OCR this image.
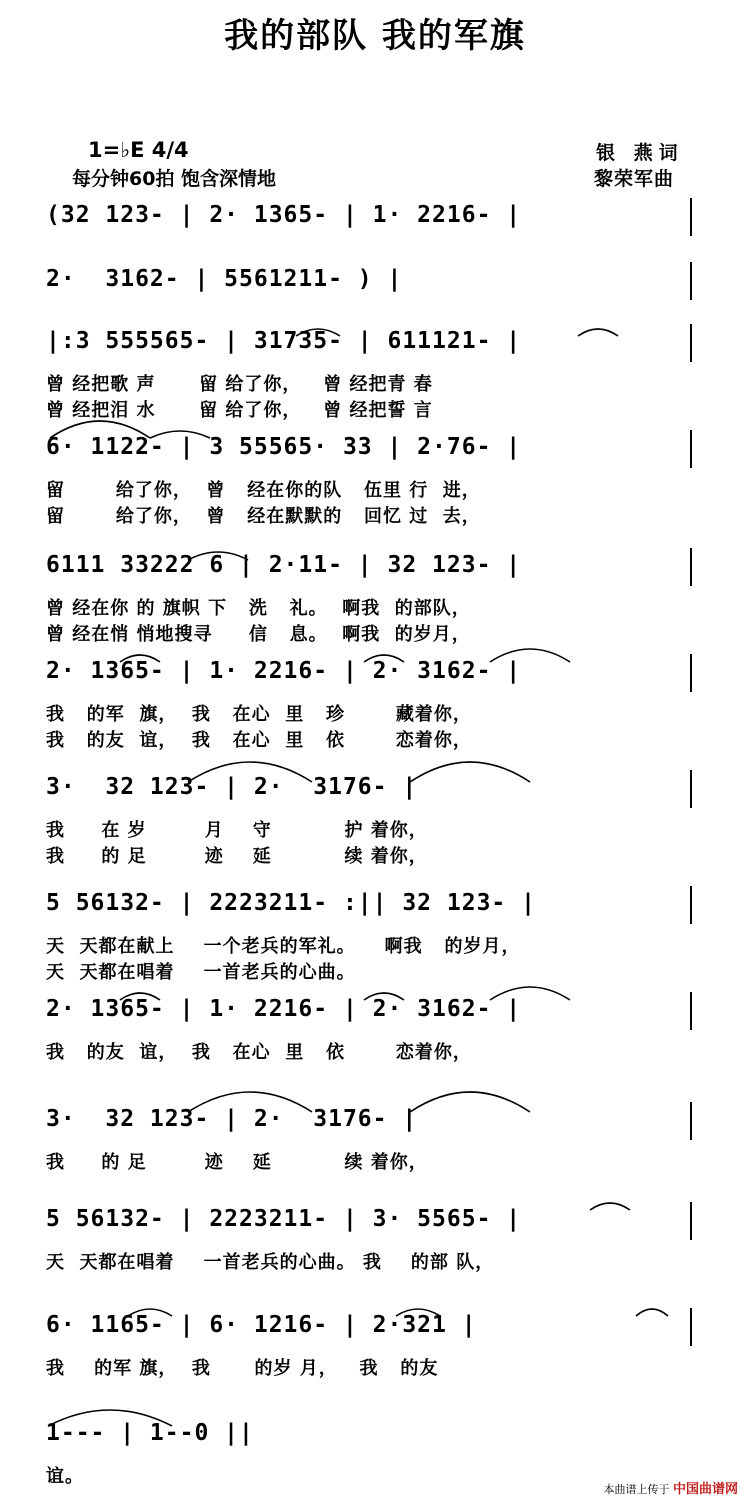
我的部队 我的军旗
1=♭E 4/4
每分钟60拍 饱含深情地
银 燕词
黎荣军曲
(32 123- | 2· 1365- | 1· 2216- |
2·  3162- | 5561211- ) |
|:3 555565- | 31735- | 611121- |
曾 经把歌 声      留 给了你，   曾 经把青 春
曾 经把泪 水      留 给了你，   曾 经把誓 言
6· 1122- | 3 55565· 33 | 2·76- |
留       给了你，  曾   经在你的队   伍里 行  进，
留       给了你，  曾   经在默默的   回忆 过  去，
6111 33222 6 | 2·11- | 32 123- |
曾 经在你 的 旗帜 下   洗   礼。  啊我  的部队，
曾 经在悄 悄地搜寻     信   息。  啊我  的岁月，
2· 1365- | 1· 2216- | 2· 3162- |
我   的军  旗，  我   在心  里   珍       藏着你，
我   的友  谊，  我   在心  里   依       恋着你，
3·  32 123- | 2·  3176- |
我     在 岁        月    守          护 着你，
我     的 足        迹    延          续 着你，
5 56132- | 2223211- :|| 32 123- |
天  天都在献上    一个老兵的军礼。    啊我   的岁月，
天  天都在唱着    一首老兵的心曲。
2· 1365- | 1· 2216- | 2· 3162- |
我   的友  谊，  我   在心  里   依       恋着你，
3·  32 123- | 2·  3176- |
我     的 足        迹    延          续 着你，
5 56132- | 2223211- | 3· 5565- |
天  天都在唱着    一首老兵的心曲。 我    的部 队，
6· 1165- | 6· 1216- | 2·321 |
我    的军 旗，  我      的岁 月，   我   的友
1--- | 1--0 ||
谊。
本曲谱上传于 中国曲谱网
